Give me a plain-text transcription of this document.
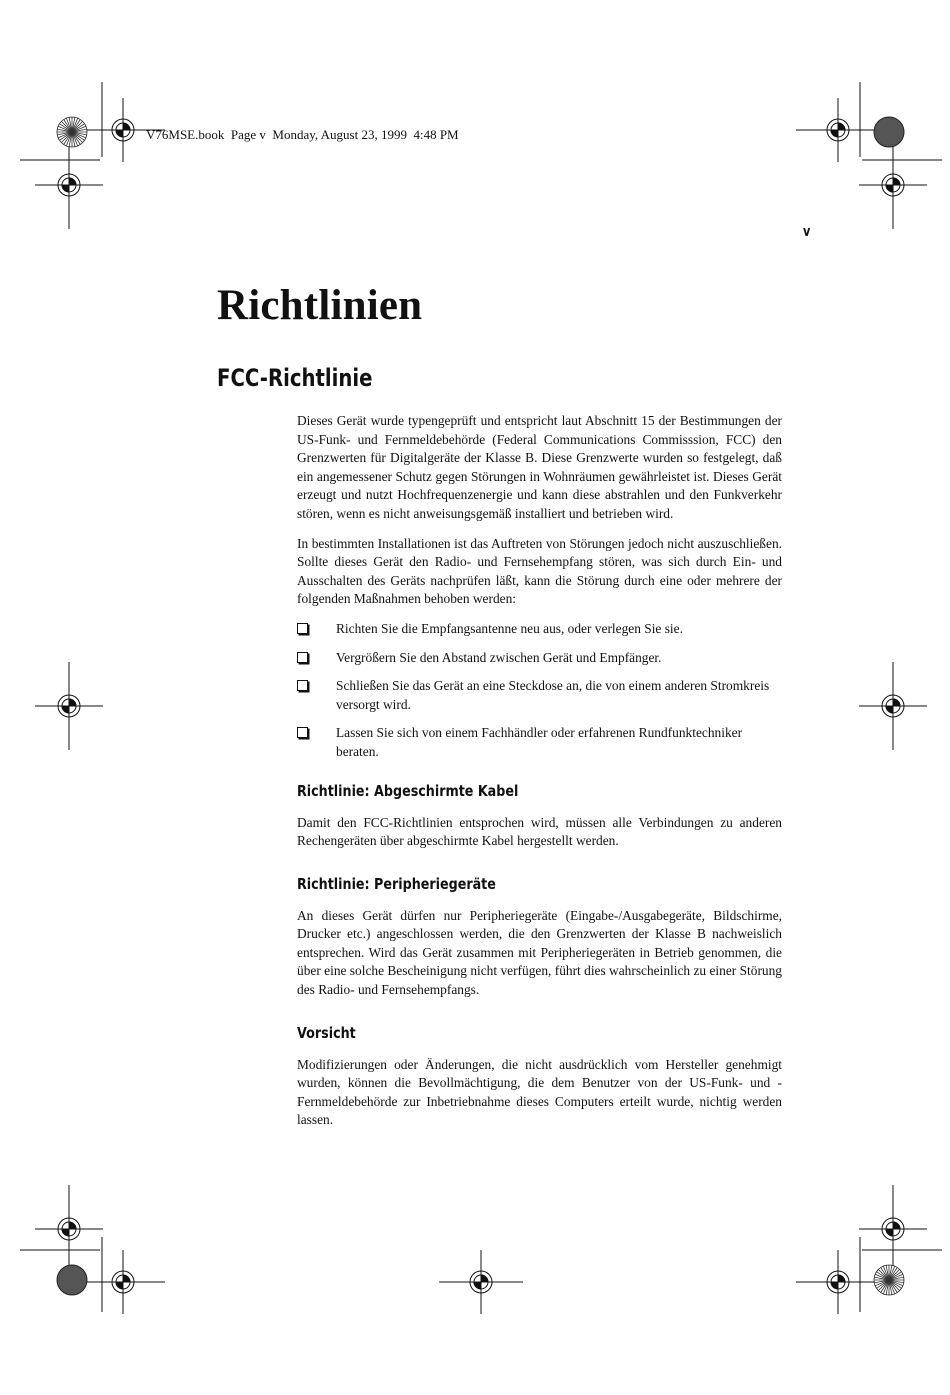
V76MSE.book  Page v  Monday, August 23, 1999  4:48 PM
v
Richtlinien
FCC-Richtlinie

Dieses Gerät wurde typengeprüft und entspricht laut Abschnitt 15 der Bestimmungen der US-Funk- und Fernmeldebehörde (Federal Communications Commisssion, FCC) den Grenzwerten für Digitalgeräte der Klasse B. Diese Grenzwerte wurden so festgelegt, daß ein angemessener Schutz gegen Störungen in Wohnräumen gewährleistet ist. Dieses Gerät erzeugt und nutzt Hochfrequenzenergie und kann diese abstrahlen und den Funkverkehr stören, wenn es nicht anweisungsgemäß installiert und betrieben wird.

In bestimmten Installationen ist das Auftreten von Störungen jedoch nicht auszuschließen. Sollte dieses Gerät den Radio- und Fernsehempfang stören, was sich durch Ein- und Ausschalten des Geräts nachprüfen läßt, kann die Störung durch eine oder mehrere der folgenden Maßnahmen behoben werden:

Richten Sie die Empfangsantenne neu aus, oder verlegen Sie sie.
Vergrößern Sie den Abstand zwischen Gerät und Empfänger.
Schließen Sie das Gerät an eine Steckdose an, die von einem anderen Stromkreis versorgt wird.
Lassen Sie sich von einem Fachhändler oder erfahrenen Rundfunktechniker beraten.
Richtlinie: Abgeschirmte Kabel

Damit den FCC-Richtlinien entsprochen wird, müssen alle Verbindungen zu anderen Rechengeräten über abgeschirmte Kabel hergestellt werden.

Richtlinie: Peripheriegeräte

An dieses Gerät dürfen nur Peripheriegeräte (Eingabe-/Ausgabegeräte, Bildschirme, Drucker etc.) angeschlossen werden, die den Grenzwerten der Klasse B nachweislich entsprechen. Wird das Gerät zusammen mit Peripheriegeräten in Betrieb genommen, die über eine solche Bescheinigung nicht verfügen, führt dies wahrscheinlich zu einer Störung des Radio- und Fernsehempfangs.

Vorsicht

Modifizierungen oder Änderungen, die nicht ausdrücklich vom Hersteller genehmigt wurden, können die Bevollmächtigung, die dem Benutzer von der US-Funk- und -Fernmeldebehörde zur Inbetriebnahme dieses Computers erteilt wurde, nichtig werden lassen.
